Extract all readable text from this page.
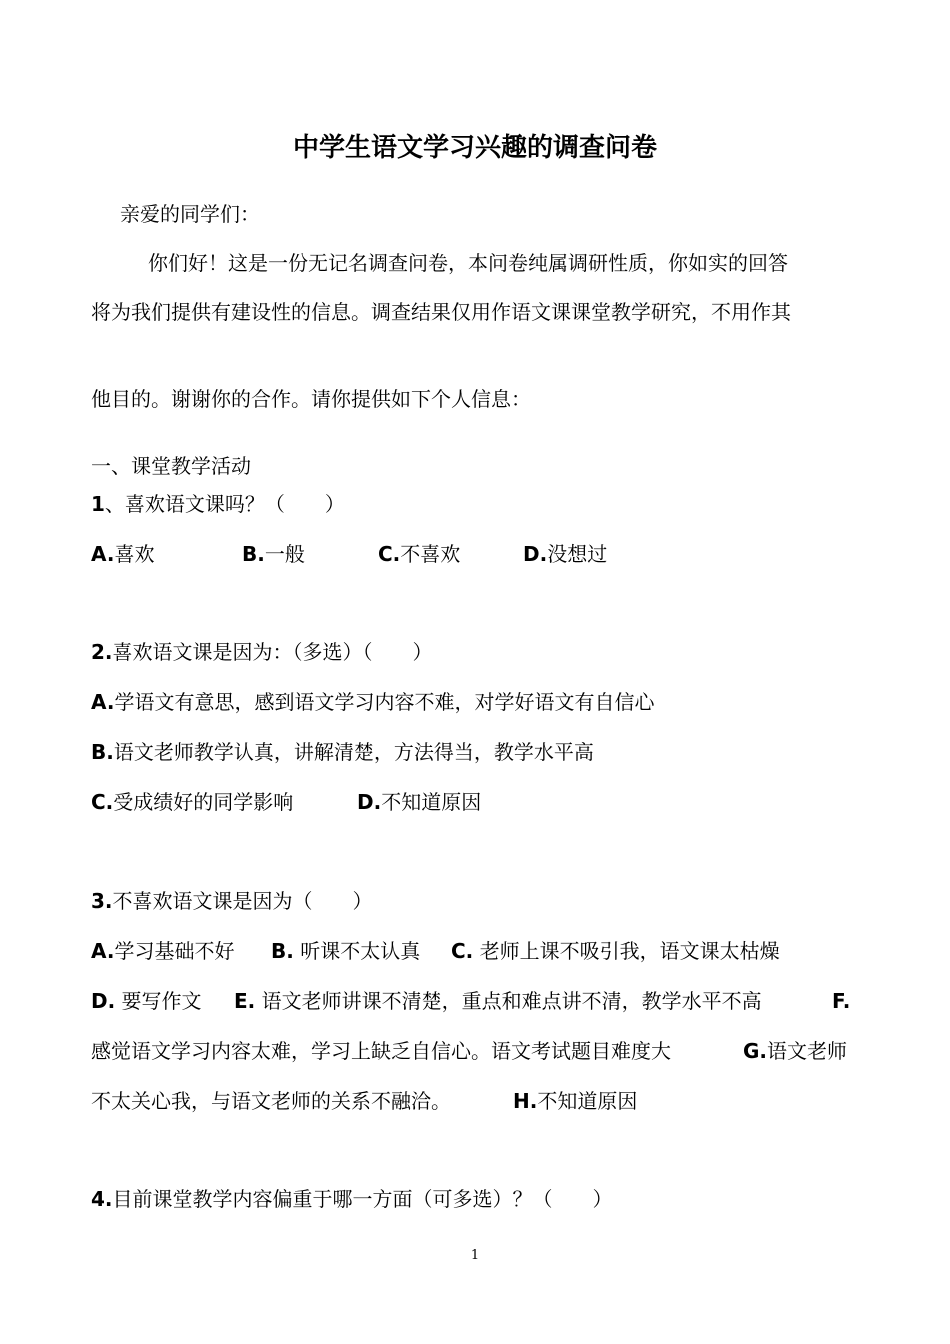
中学生语文学习兴趣的调查问卷
亲爱的同学们：
你们好！这是一份无记名调查问卷，本问卷纯属调研性质，你如实的回答
将为我们提供有建设性的信息。调查结果仅用作语文课课堂教学研究，不用作其
他目的。谢谢你的合作。请你提供如下个人信息：
一、课堂教学活动
1、喜欢语文课吗？（　　）
A.喜欢	B.一般	C.不喜欢	D.没想过
2.喜欢语文课是因为：（多选）（　　）
A.学语文有意思，感到语文学习内容不难，对学好语文有自信心
B.语文老师教学认真，讲解清楚，方法得当，教学水平高
C.受成绩好的同学影响	D.不知道原因
3.不喜欢语文课是因为（　　）
A.学习基础不好 B. 听课不太认真 C. 老师上课不吸引我，语文课太枯燥
D. 要写作文 E. 语文老师讲课不清楚，重点和难点讲不清，教学水平不高	F.
感觉语文学习内容太难，学习上缺乏自信心。语文考试题目难度大	G.语文老师
不太关心我，与语文老师的关系不融洽。	H.不知道原因
4.目前课堂教学内容偏重于哪一方面（可多选）？（　　）
1
